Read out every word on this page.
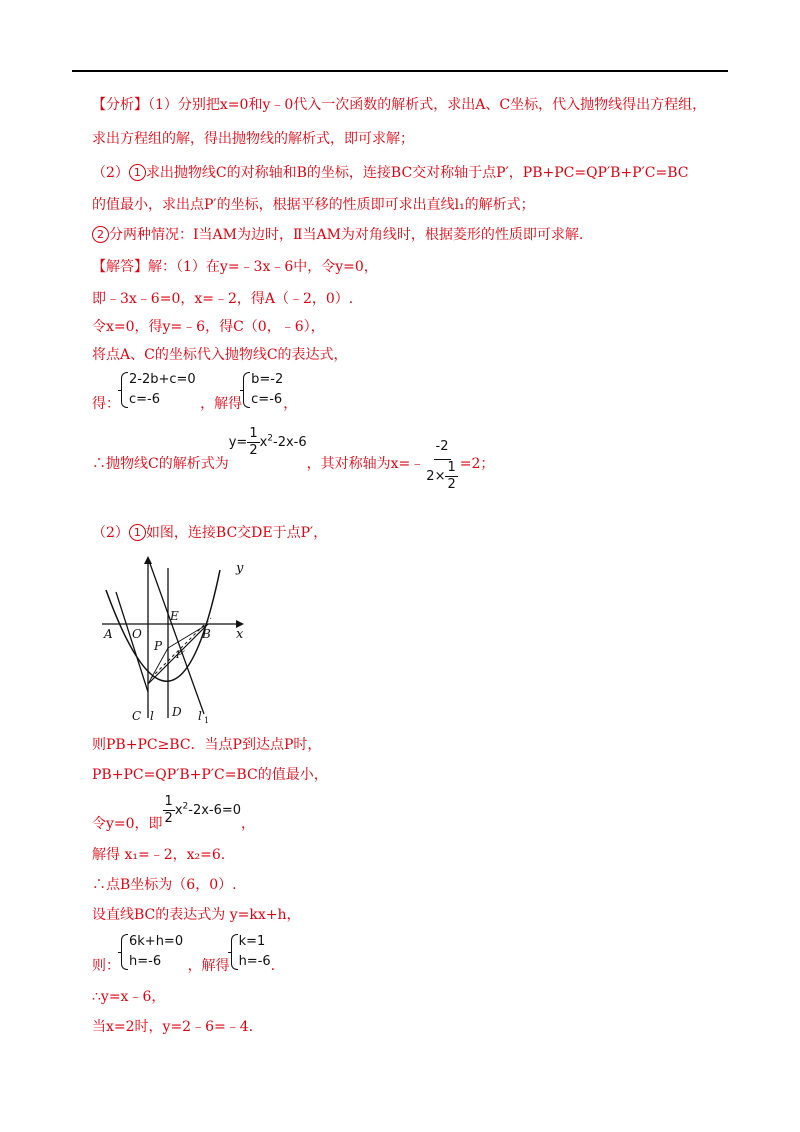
【分析】（1）分别把x=0和y﹣0代入一次函数的解析式，求出A、C坐标，代入抛物线得出方程组，
求出方程组的解，得出抛物线的解析式，即可求解；
（2） 1 求出抛物线C的对称轴和B的坐标，连接BC交对称轴于点P′，PB+PC=QP′B+P′C=BC
的值最小，求出点P′的坐标，根据平移的性质即可求出直线l₁的解析式；
2 分两种情况：Ⅰ当AM为边时，Ⅱ当AM为对角线时，根据菱形的性质即可求解.
【解答】解：（1）在y=﹣3x﹣6中，令y=0，
即﹣3x﹣6=0，x=﹣2，得A（﹣2，0）.
令x=0，得y=﹣6，得C（0，﹣6），
将点A、C的坐标代入抛物线C的表达式，
得：
2-2b+c=0
c=-6	，解得
b=-2
c=-6 ，
∴抛物线C的解析式为$y= \frac{1}{2} x^2-2x-6$，其对称轴为x=﹣ $\frac{-2}{2\times \frac{1}{2}} =2$；
（2） 1 如图，连接BC交DE于点P′，
y
x
A O
E
B
P
P′
C l D l 1
则PB+PC≥BC．当点P到达点P时，
PB+PC=QP′B+P′C=BC的值最小，
令y=0，即 $\frac{1}{2} x^2-2x-6=0$，
解得 x₁=﹣2，x₂=6.
∴点B坐标为（6，0）.
设直线BC的表达式为 y=kx+h，
则：
6k+h=0
h=-6	，解得
k=1
h=-6 .
∴y=x﹣6，
当x=2时，y=2﹣6=﹣4.
